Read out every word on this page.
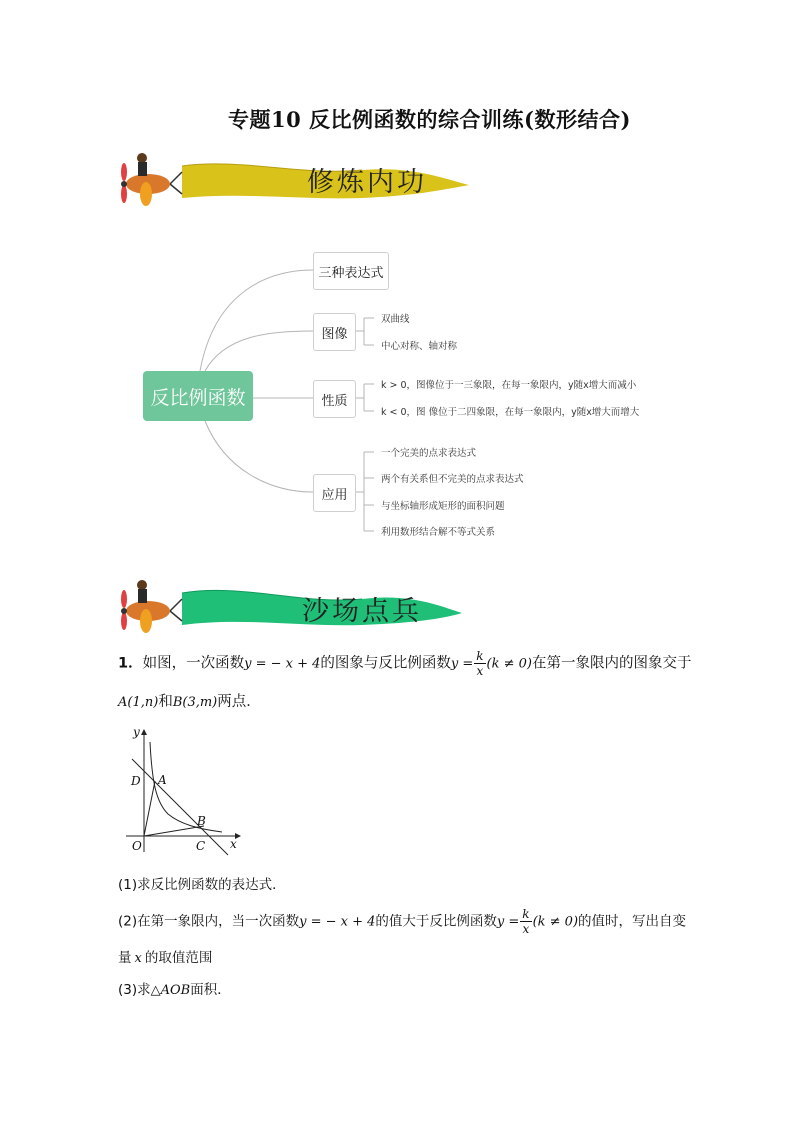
专题10 反比例函数的综合训练(数形结合)
修炼内功
反比例函数
三种表达式
图像
性质
应用
双曲线
中心对称、轴对称
k > 0，图像位于一三象限，在每一象限内，y随x增大而减小
k < 0，图 像位于二四象限，在每一象限内，y随x增大而增大
一个完美的点求表达式
两个有关系但不完美的点求表达式
与坐标轴形成矩形的面积问题
利用数形结合解不等式关系
沙场点兵
1．如图，一次函数y = − x + 4的图象与反比例函数$y = \frac{k}{x} (k \ne 0)$在第一象限内的图象交于
A(1,n)和B(3,m)两点．
y
x
O
D A
B
C
(1)求反比例函数的表达式．
(2)在第一象限内，当一次函数y = − x + 4的值大于反比例函数$y = \frac{k}{x} (k \ne 0)$的值时，写出自变
量 x 的取值范围
(3)求△AOB面积．
